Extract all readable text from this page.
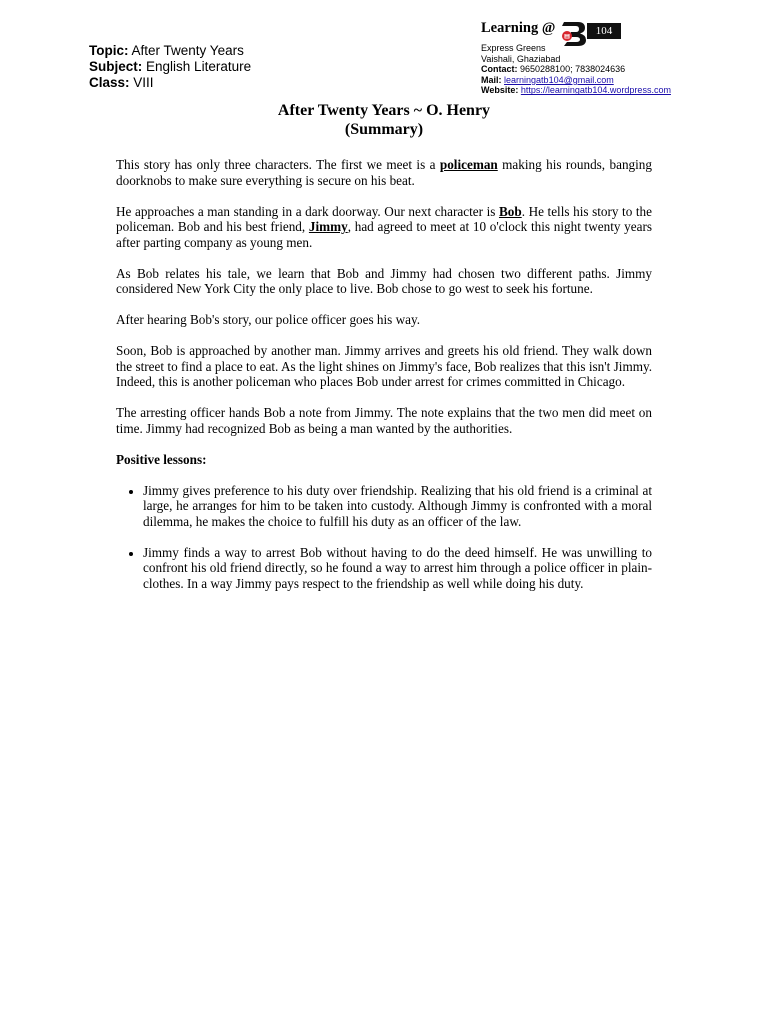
Topic: After Twenty Years
Subject: English Literature
Class: VIII
Learning @	104
Express Greens
Vaishali, Ghaziabad
Contact: 9650288100; 7838024636
Mail: learningatb104@gmail.com
Website: https://learningatb104.wordpress.com
After Twenty Years ~ O. Henry
(Summary)

This story has only three characters. The first we meet is a policeman making his rounds, banging doorknobs to make sure everything is secure on his beat.

He approaches a man standing in a dark doorway. Our next character is Bob. He tells his story to the policeman. Bob and his best friend, Jimmy, had agreed to meet at 10 o'clock this night twenty years after parting company as young men.

As Bob relates his tale, we learn that Bob and Jimmy had chosen two different paths. Jimmy considered New York City the only place to live. Bob chose to go west to seek his fortune.

After hearing Bob's story, our police officer goes his way.

Soon, Bob is approached by another man. Jimmy arrives and greets his old friend. They walk down the street to find a place to eat. As the light shines on Jimmy's face, Bob realizes that this isn't Jimmy. Indeed, this is another policeman who places Bob under arrest for crimes committed in Chicago.

The arresting officer hands Bob a note from Jimmy. The note explains that the two men did meet on time. Jimmy had recognized Bob as being a man wanted by the authorities.

Positive lessons:

• Jimmy gives preference to his duty over friendship. Realizing that his old friend is a criminal at large, he arranges for him to be taken into custody. Although Jimmy is confronted with a moral dilemma, he makes the choice to fulfill his duty as an officer of the law.
• Jimmy finds a way to arrest Bob without having to do the deed himself. He was unwilling to confront his old friend directly, so he found a way to arrest him through a police officer in plain-clothes. In a way Jimmy pays respect to the friendship as well while doing his duty.
